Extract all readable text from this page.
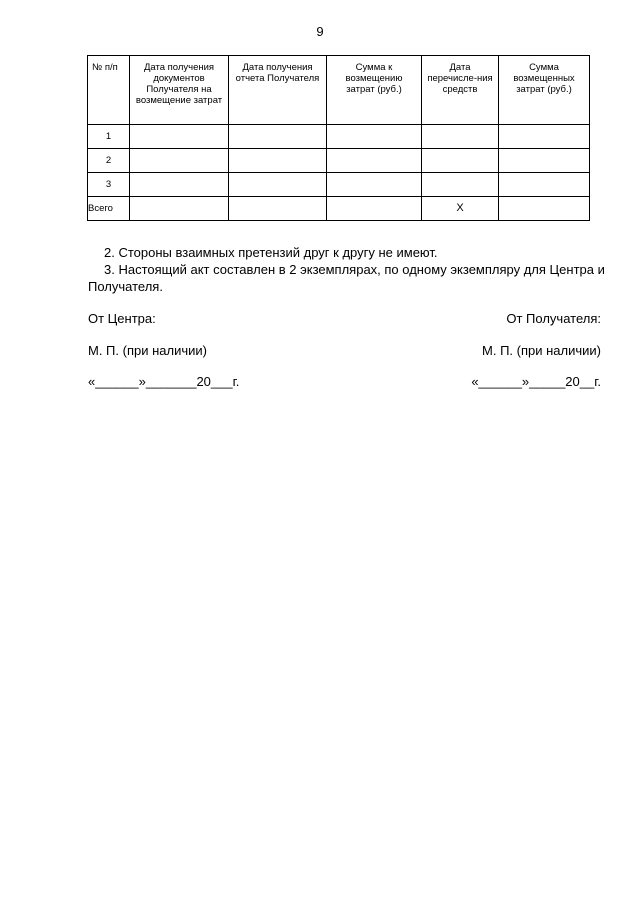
9
№ п/п	Дата получения документов Получателя на возмещение затрат	Дата получения отчета Получателя	Сумма к возмещению затрат (руб.)	Дата перечисле-ния средств	Сумма возмещенных затрат (руб.)
1					
2					
3					
Всего				Х	
2. Стороны взаимных претензий друг к другу не имеют.
3. Настоящий акт составлен в 2 экземплярах, по одному экземпляру для Центра и Получателя.
От Центра:	От Получателя:
М. П. (при наличии)	М. П. (при наличии)
«______»_______20___г.	«______»_____20__г.
